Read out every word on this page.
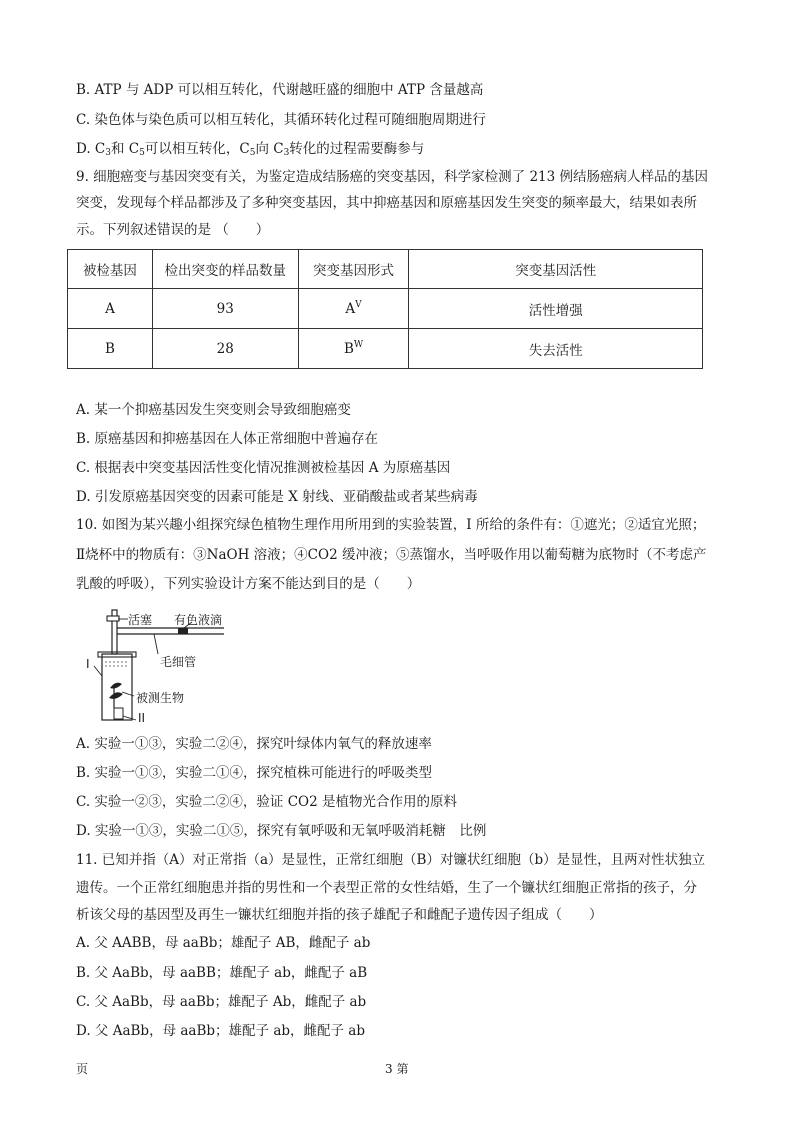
B. ATP 与 ADP 可以相互转化，代谢越旺盛的细胞中 ATP 含量越高
C. 染色体与染色质可以相互转化，其循环转化过程可随细胞周期进行
D. $C_3$和 $C_5$可以相互转化，$C_5$向 $C_3$转化的过程需要酶参与
9. 细胞癌变与基因突变有关，为鉴定造成结肠癌的突变基因，科学家检测了 213 例结肠癌病人样品的基因
突变，发现每个样品都涉及了多种突变基因，其中抑癌基因和原癌基因发生突变的频率最大，结果如表所
示。下列叙述错误的是 （　　）
被检基因	检出突变的样品数量	突变基因形式	突变基因活性
A	93	$A^V$	活性增强
B	28	$B^W$	失去活性
A. 某一个抑癌基因发生突变则会导致细胞癌变
B. 原癌基因和抑癌基因在人体正常细胞中普遍存在
C. 根据表中突变基因活性变化情况推测被检基因 A 为原癌基因
D. 引发原癌基因突变的因素可能是 X 射线、亚硝酸盐或者某些病毒
10. 如图为某兴趣小组探究绿色植物生理作用所用到的实验装置，I 所给的条件有：①遮光；②适宜光照；
Ⅱ烧杯中的物质有：③NaOH 溶液；④CO2 缓冲液；⑤蒸馏水，当呼吸作用以葡萄糖为底物时（不考虑产
乳酸的呼吸），下列实验设计方案不能达到目的是（　　）
活塞 有色液滴
毛细管
被测生物
I
II
A. 实验一①③，实验二②④，探究叶绿体内氧气的释放速率
B. 实验一①③，实验二①④，探究植株可能进行的呼吸类型
C. 实验一②③，实验二②④，验证 CO2 是植物光合作用的原料
D. 实验一①③，实验二①⑤，探究有氧呼吸和无氧呼吸消耗糖　比例
11. 已知并指（A）对正常指（a）是显性，正常红细胞（B）对镰状红细胞（b）是显性，且两对性状独立
遗传。一个正常红细胞患并指的男性和一个表型正常的女性结婚，生了一个镰状红细胞正常指的孩子，分
析该父母的基因型及再生一镰状红细胞并指的孩子雄配子和雌配子遗传因子组成（　　）
A. 父 AABB，母 aaBb；雄配子 AB，雌配子 ab
B. 父 AaBb，母 aaBB；雄配子 ab，雌配子 aB
C. 父 AaBb，母 aaBb；雄配子 Ab，雌配子 ab
D. 父 AaBb，母 aaBb；雄配子 ab，雌配子 ab
页	3 第
